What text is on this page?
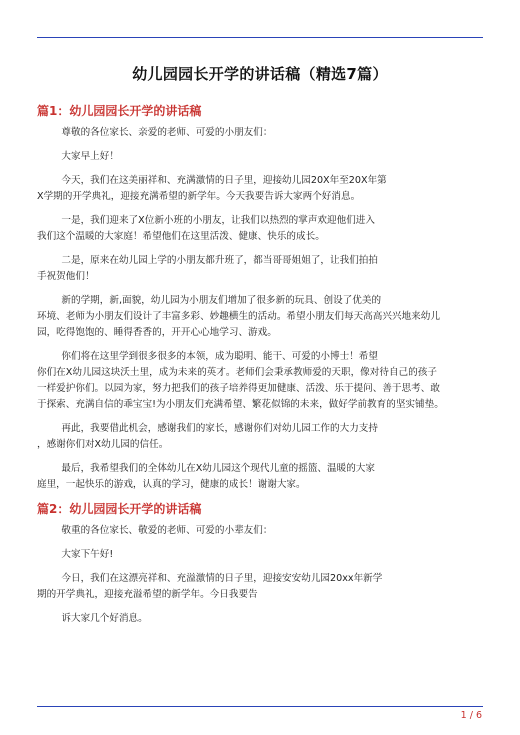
幼儿园园长开学的讲话稿（精选7篇）
篇1：幼儿园园长开学的讲话稿
尊敬的各位家长、亲爱的老师、可爱的小朋友们：
大家早上好！
今天，我们在这美丽祥和、充满激情的日子里，迎接幼儿园20X年至20X年第
X学期的开学典礼，迎接充满希望的新学年。今天我要告诉大家两个好消息。
一是，我们迎来了X位新小班的小朋友，让我们以热烈的掌声欢迎他们进入
我们这个温暖的大家庭！希望他们在这里活泼、健康、快乐的成长。
二是，原来在幼儿园上学的小朋友都升班了，都当哥哥姐姐了，让我们拍拍
手祝贺他们！
新的学期，新,面貌，幼儿园为小朋友们增加了很多新的玩具、创设了优美的
环境、老师为小朋友们设计了丰富多彩、妙趣横生的活动。希望小朋友们每天高高兴兴地来幼儿
园，吃得饱饱的、睡得香香的，开开心心地学习、游戏。
你们将在这里学到很多很多的本领，成为聪明、能干、可爱的小博士！希望
你们在X幼儿园这块沃土里，成为未来的英才。老师们会秉承教师爱的天职，像对待自己的孩子
一样爱护你们。以园为家，努力把我们的孩子培养得更加健康、活泼、乐于提问、善于思考、敢
于探索、充满自信的乖宝宝!为小朋友们充满希望、繁花似锦的未来，做好学前教育的坚实铺垫。
再此，我要借此机会，感谢我们的家长，感谢你们对幼儿园工作的大力支持
，感谢你们对X幼儿园的信任。
最后，我希望我们的全体幼儿在X幼儿园这个现代儿童的摇篮、温暖的大家
庭里，一起快乐的游戏，认真的学习，健康的成长！谢谢大家。
篇2：幼儿园园长开学的讲话稿
敬重的各位家长、敬爱的老师、可爱的小辈友们：
大家下午好!
今日，我们在这漂亮祥和、充溢激情的日子里，迎接安安幼儿园20xx年新学
期的开学典礼，迎接充溢希望的新学年。今日我要告
诉大家几个好消息。
1 / 6
